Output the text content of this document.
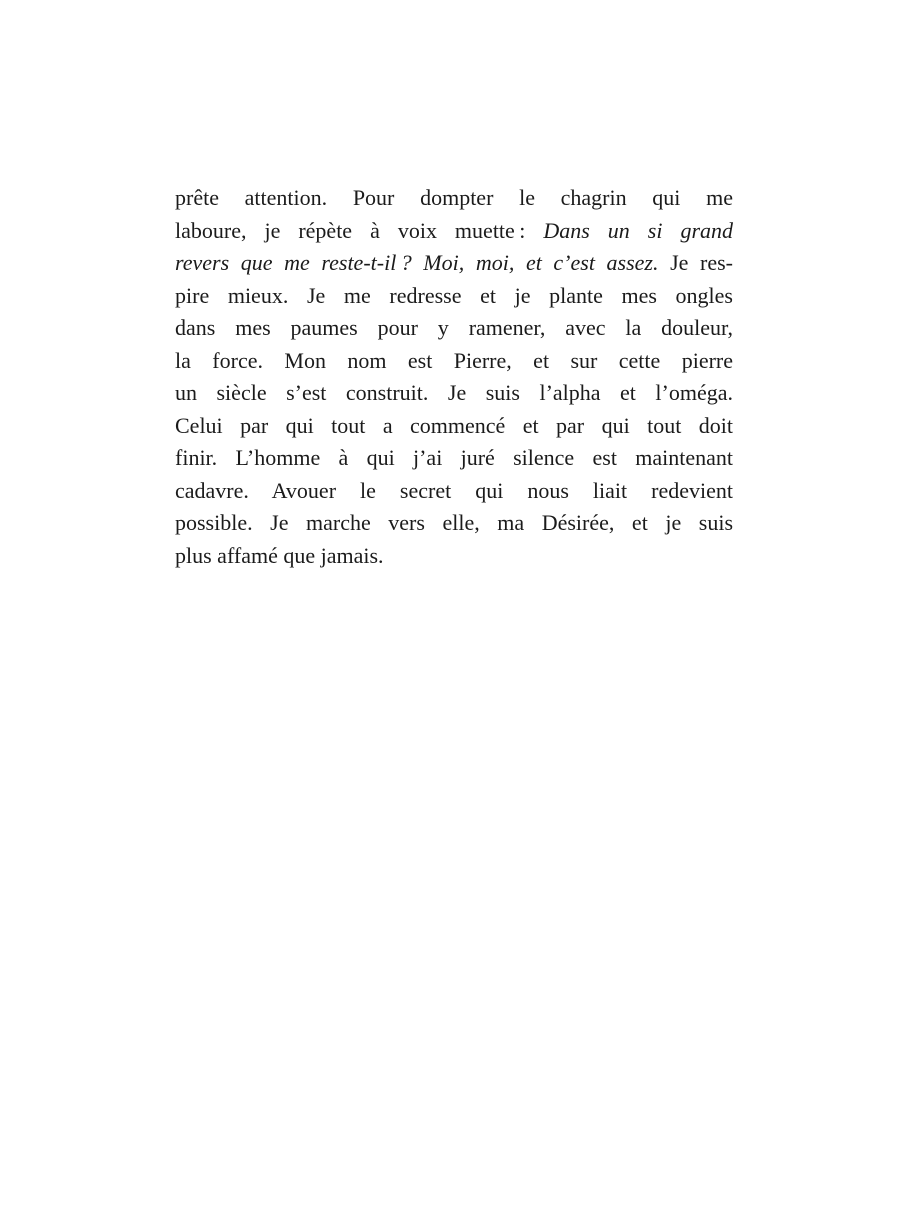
prête attention. Pour dompter le chagrin qui me
laboure, je répète à voix muette : Dans un si grand
revers que me reste-t-il ? Moi, moi, et c’est assez. Je res-
pire mieux. Je me redresse et je plante mes ongles
dans mes paumes pour y ramener, avec la douleur,
la force. Mon nom est Pierre, et sur cette pierre
un siècle s’est construit. Je suis l’alpha et l’oméga.
Celui par qui tout a commencé et par qui tout doit
finir. L’homme à qui j’ai juré silence est maintenant
cadavre. Avouer le secret qui nous liait redevient
possible. Je marche vers elle, ma Désirée, et je suis
plus affamé que jamais.
